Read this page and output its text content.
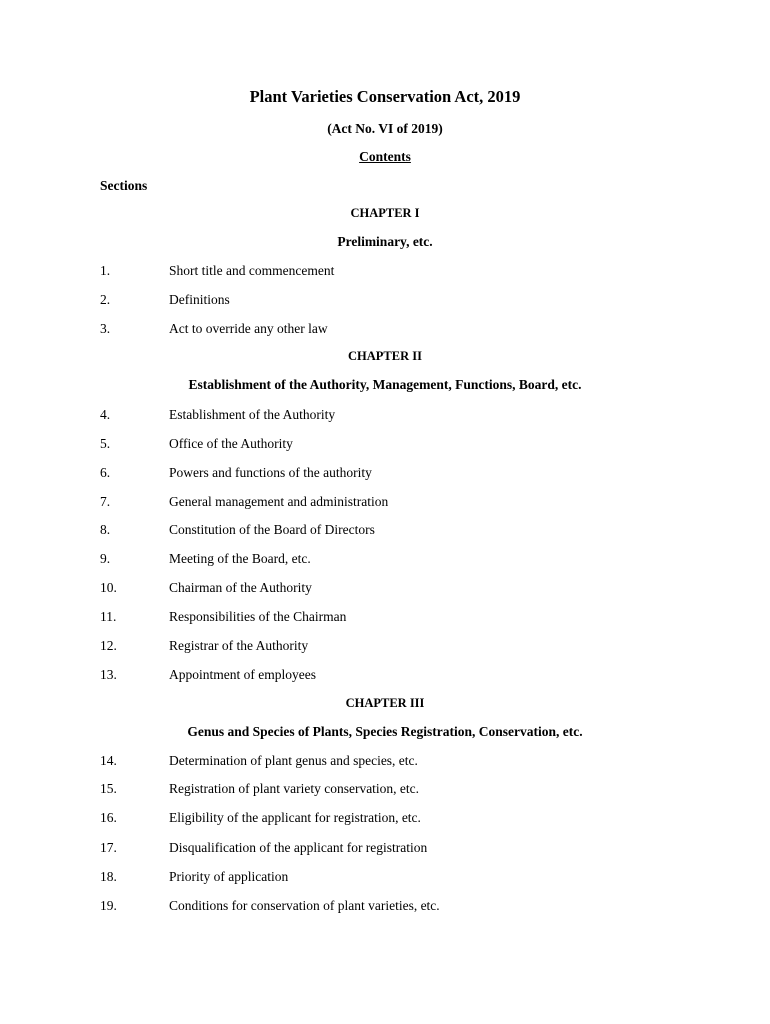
Plant Varieties Conservation Act, 2019
(Act No. VI of 2019)
Contents
Sections
CHAPTER I
Preliminary, etc.
1.	Short title and commencement
2.	Definitions
3.	Act to override any other law
CHAPTER II
Establishment of the Authority, Management, Functions, Board, etc.
4.	Establishment of the Authority
5.	Office of the Authority
6.	Powers and functions of the authority
7.	General management and administration
8.	Constitution of the Board of Directors
9.	Meeting of the Board, etc.
10.	Chairman of the Authority
11.	Responsibilities of the Chairman
12.	Registrar of the Authority
13.	Appointment of employees
CHAPTER III
Genus and Species of Plants, Species Registration, Conservation, etc.
14.	Determination of plant genus and species, etc.
15.	Registration of plant variety conservation, etc.
16.	Eligibility of the applicant for registration, etc.
17.	Disqualification of the applicant for registration
18.	Priority of application
19.	Conditions for conservation of plant varieties, etc.
